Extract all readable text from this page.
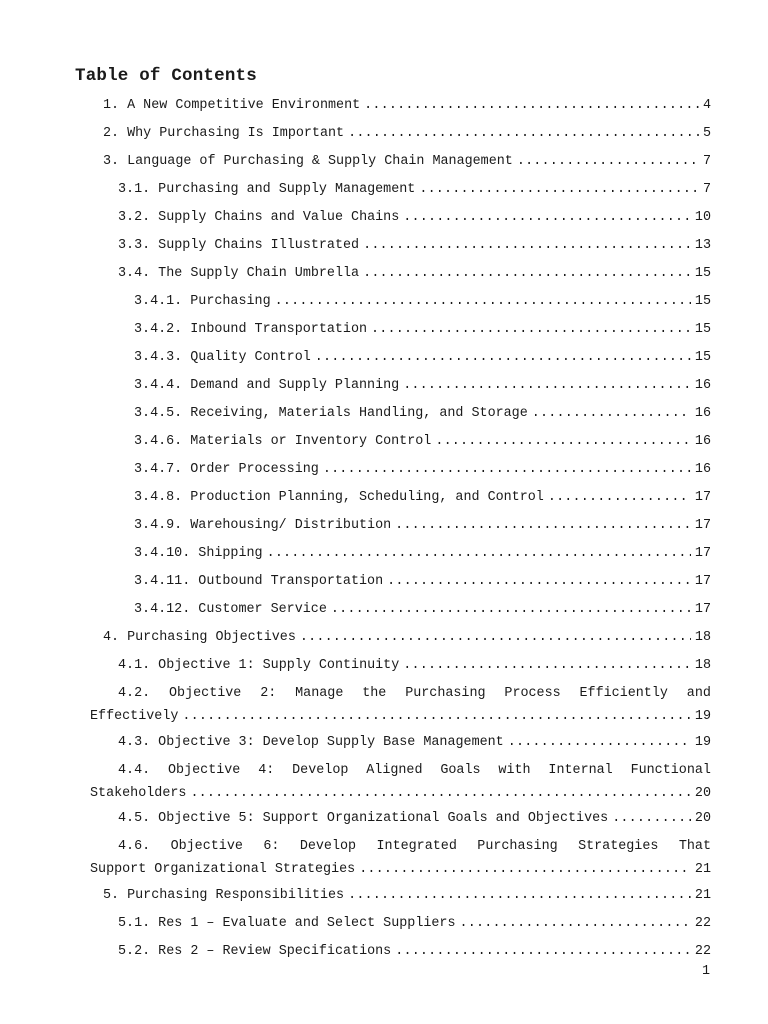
Table of Contents
1. A New Competitive Environment .....	4
2. Why Purchasing Is Important .....	5
3. Language of Purchasing & Supply Chain Management .....	7
3.1. Purchasing and Supply Management .....	7
3.2. Supply Chains and Value Chains .....	10
3.3. Supply Chains Illustrated .....	13
3.4. The Supply Chain Umbrella .....	15
3.4.1. Purchasing .....	15
3.4.2. Inbound Transportation .....	15
3.4.3. Quality Control .....	15
3.4.4. Demand and Supply Planning .....	16
3.4.5. Receiving, Materials Handling, and Storage .....	16
3.4.6. Materials or Inventory Control .....	16
3.4.7. Order Processing .....	16
3.4.8. Production Planning, Scheduling, and Control .....	17
3.4.9. Warehousing/ Distribution .....	17
3.4.10. Shipping .....	17
3.4.11. Outbound Transportation .....	17
3.4.12. Customer Service .....	17
4. Purchasing Objectives .....	18
4.1. Objective 1: Supply Continuity .....	18
4.2. Objective 2: Manage the Purchasing Process Efficiently and
Effectively .....	19
4.3. Objective 3: Develop Supply Base Management .....	19
4.4. Objective 4: Develop Aligned Goals with Internal Functional
Stakeholders .....	20
4.5. Objective 5: Support Organizational Goals and Objectives .....	20
4.6. Objective 6: Develop Integrated Purchasing Strategies That
Support Organizational Strategies .....	21
5. Purchasing Responsibilities .....	21
5.1. Res 1 – Evaluate and Select Suppliers .....	22
5.2. Res 2 – Review Specifications .....	22
1
